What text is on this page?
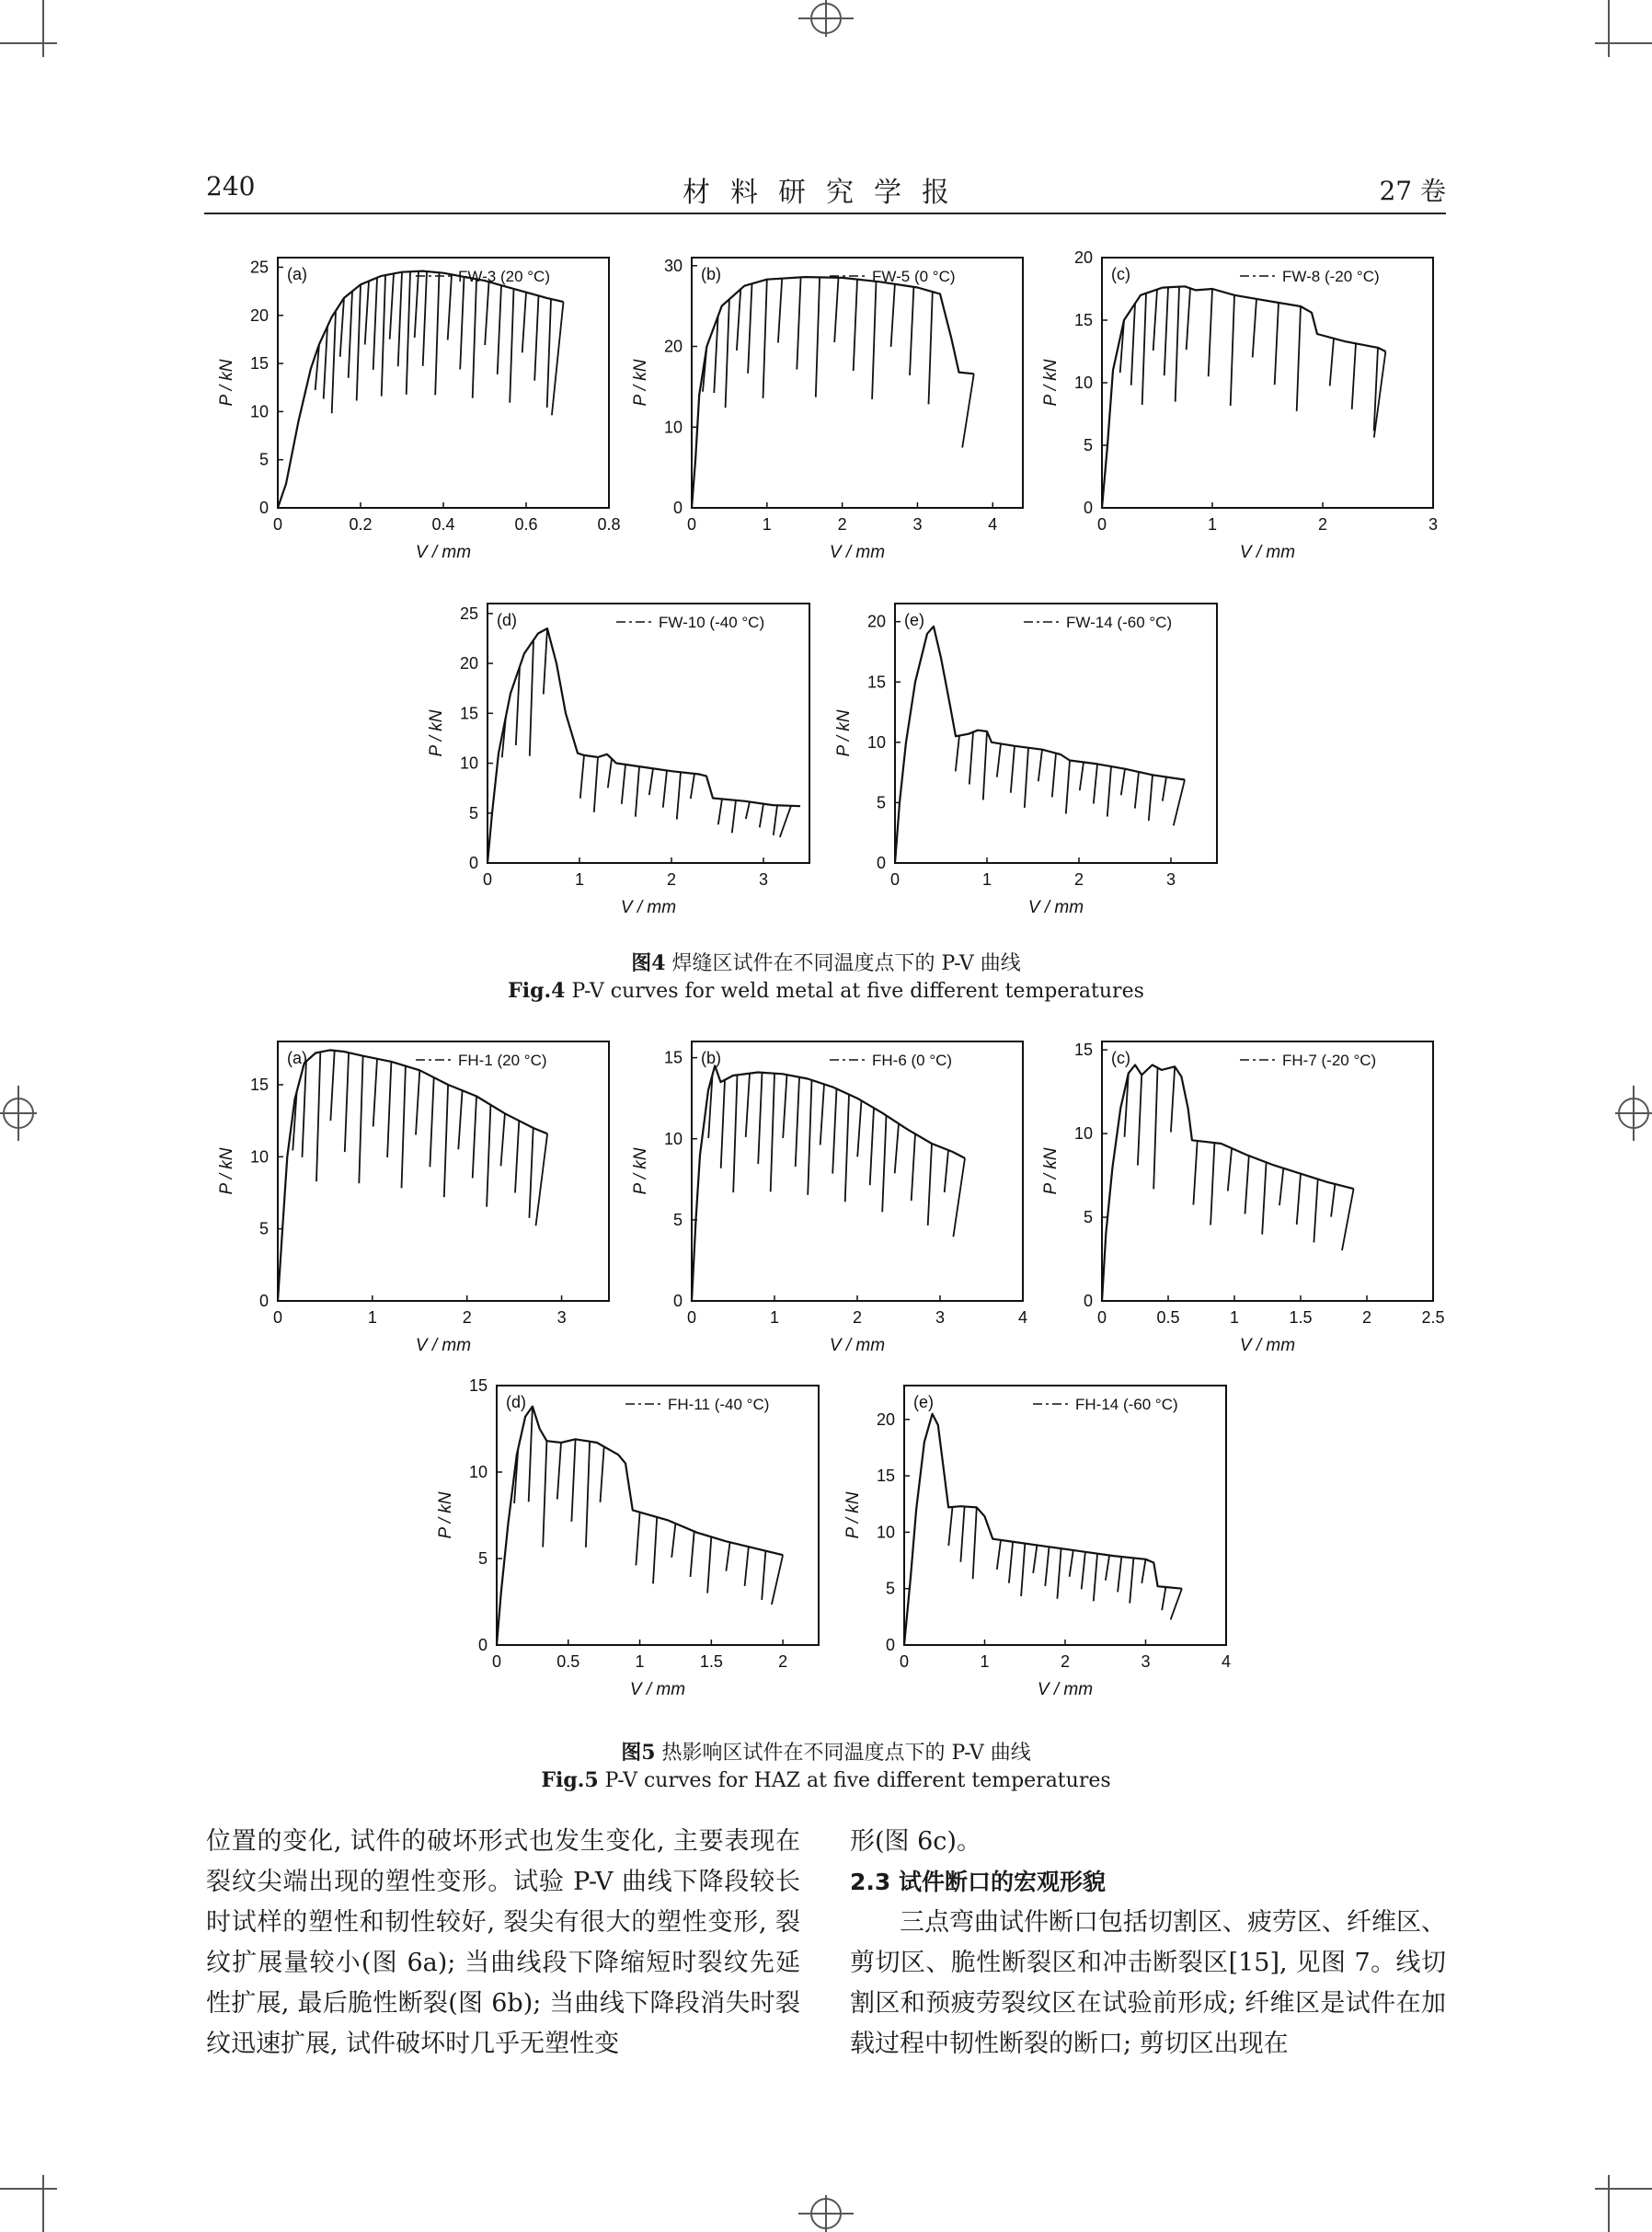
240	材料研究学报	27 卷
0	0.2	0.4	0.6	0.8
0
5
10
15
20
25
V / mm
P / kN
(a)	FW-3 (20 °C)
0	1	2	3	4
0
10
20
30
V / mm
P / kN
(b)	FW-5 (0 °C)
0	1	2	3
0
5
10
15
20
V / mm
P / kN
(c)	FW-8 (-20 °C)
0	1	2	3
0
5
10
15
20
25
V / mm
P / kN
(d)	FW-10 (-40 °C)
0	1	2	3
0
5
10
15
20
V / mm
P / kN
(e)	FW-14 (-60 °C)
图4 焊缝区试件在不同温度点下的 P-V 曲线
Fig.4 P-V curves for weld metal at five different temperatures
0	1	2	3
0
5
10
15
V / mm
P / kN
(a)	FH-1 (20 °C)
0	1	2	3	4
0
5
10
15
V / mm
P / kN
(b)	FH-6 (0 °C)
0	0.5	1	1.5	2	2.5
0
5
10
15
V / mm
P / kN
(c)	FH-7 (-20 °C)
0	0.5	1	1.5	2
0
5
10
15
V / mm
P / kN
(d)	FH-11 (-40 °C)
0	1	2	3	4
0
5
10
15
20
V / mm
P / kN
(e)	FH-14 (-60 °C)
图5 热影响区试件在不同温度点下的 P-V 曲线
Fig.5 P-V curves for HAZ at five different temperatures

位置的变化, 试件的破坏形式也发生变化, 主要表现在裂纹尖端出现的塑性变形。试验 P-V 曲线下降段较长时试样的塑性和韧性较好, 裂尖有很大的塑性变形, 裂纹扩展量较小(图 6a); 当曲线段下降缩短时裂纹先延性扩展, 最后脆性断裂(图 6b); 当曲线下降段消失时裂纹迅速扩展, 试件破坏时几乎无塑性变

形(图 6c)。

2.3 试件断口的宏观形貌

三点弯曲试件断口包括切割区、疲劳区、纤维区、剪切区、脆性断裂区和冲击断裂区[15], 见图 7。线切割区和预疲劳裂纹区在试验前形成; 纤维区是试件在加载过程中韧性断裂的断口; 剪切区出现在
